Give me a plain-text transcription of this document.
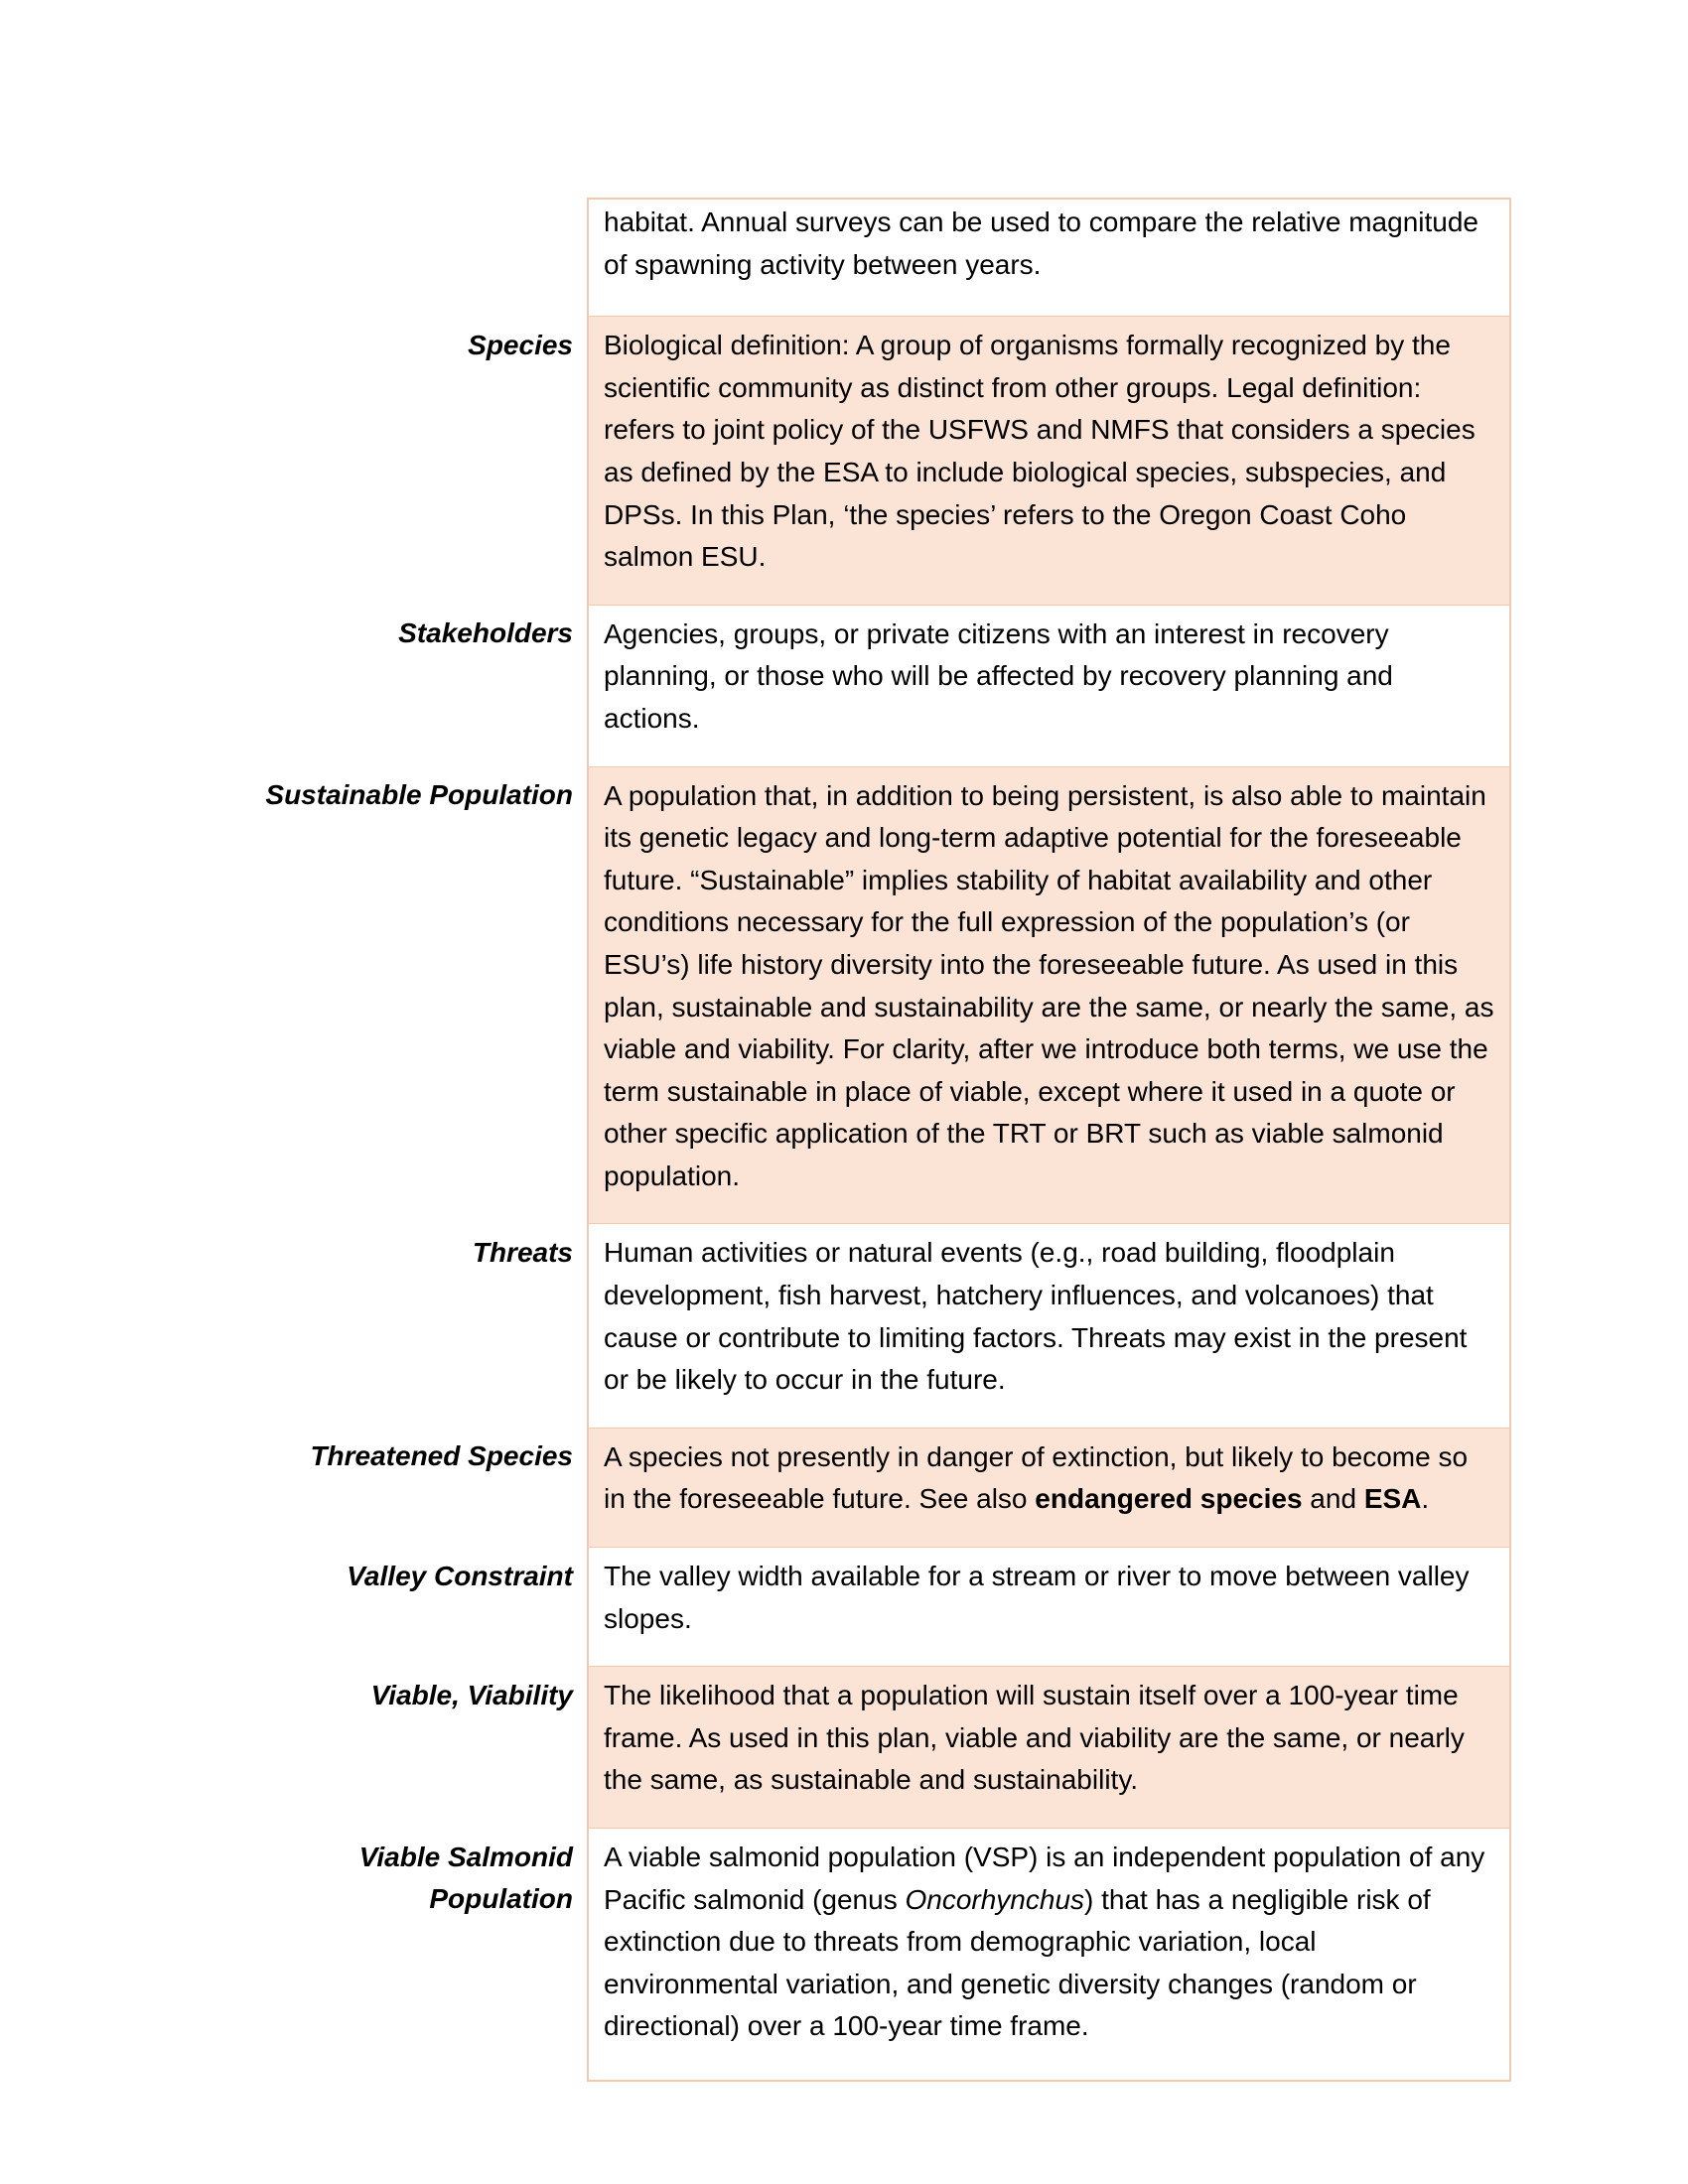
	habitat. Annual surveys can be used to compare the relative magnitude of spawning activity between years.
Species	Biological definition: A group of organisms formally recognized by the scientific community as distinct from other groups. Legal definition: refers to joint policy of the USFWS and NMFS that considers a species as defined by the ESA to include biological species, subspecies, and DPSs. In this Plan, ‘the species’ refers to the Oregon Coast Coho salmon ESU.
Stakeholders	Agencies, groups, or private citizens with an interest in recovery planning, or those who will be affected by recovery planning and actions.
Sustainable Population	A population that, in addition to being persistent, is also able to maintain its genetic legacy and long-term adaptive potential for the foreseeable future. “Sustainable” implies stability of habitat availability and other conditions necessary for the full expression of the population’s (or ESU’s) life history diversity into the foreseeable future. As used in this plan, sustainable and sustainability are the same, or nearly the same, as viable and viability. For clarity, after we introduce both terms, we use the term sustainable in place of viable, except where it used in a quote or other specific application of the TRT or BRT such as viable salmonid population.
Threats	Human activities or natural events (e.g., road building, floodplain development, fish harvest, hatchery influences, and volcanoes) that cause or contribute to limiting factors. Threats may exist in the present or be likely to occur in the future.
Threatened Species	A species not presently in danger of extinction, but likely to become so in the foreseeable future. See also endangered species and ESA.
Valley Constraint	The valley width available for a stream or river to move between valley slopes.
Viable, Viability	The likelihood that a population will sustain itself over a 100-year time frame. As used in this plan, viable and viability are the same, or nearly the same, as sustainable and sustainability.
Viable Salmonid Population	A viable salmonid population (VSP) is an independent population of any Pacific salmonid (genus Oncorhynchus) that has a negligible risk of extinction due to threats from demographic variation, local environmental variation, and genetic diversity changes (random or directional) over a 100-year time frame.
